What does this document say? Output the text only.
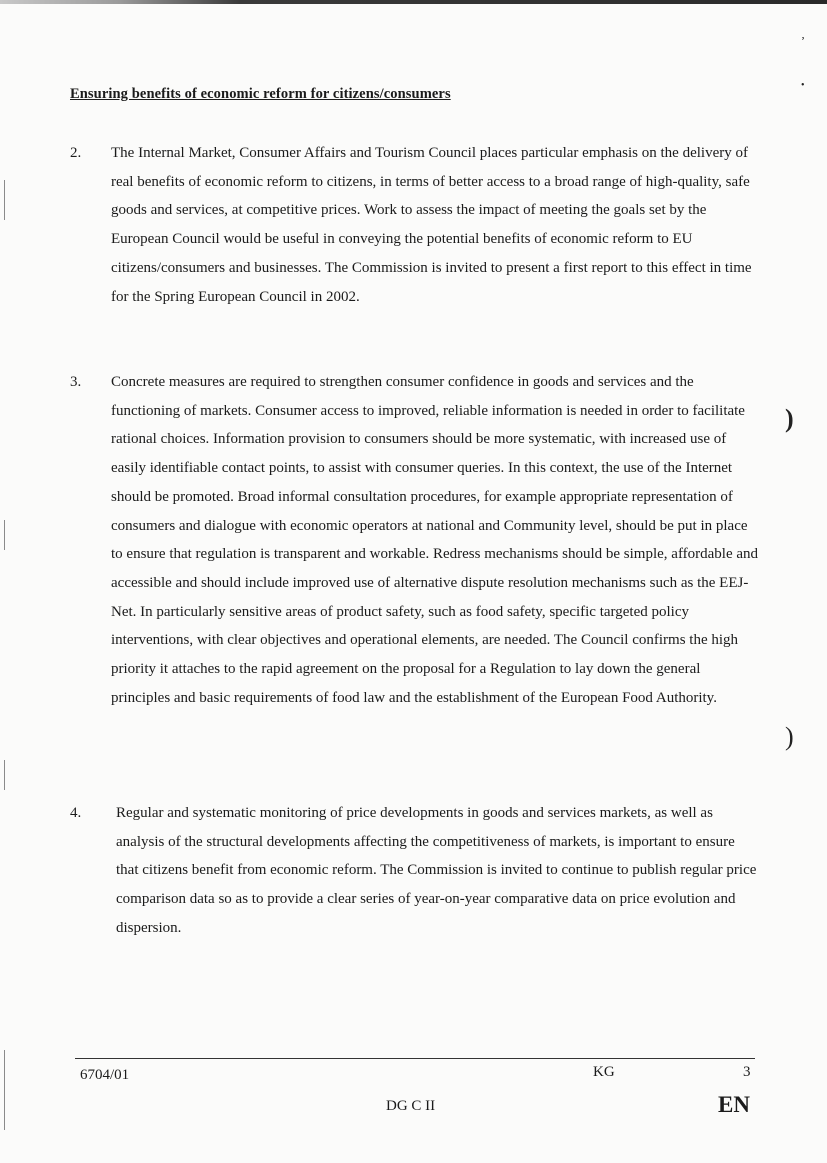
ʼ
•
)
)
Ensuring benefits of economic reform for citizens/consumers
2. The Internal Market, Consumer Affairs and Tourism Council places particular emphasis on the delivery of real benefits of economic reform to citizens, in terms of better access to a broad range of high-quality, safe goods and services, at competitive prices. Work to assess the impact of meeting the goals set by the European Council would be useful in conveying the potential benefits of economic reform to EU citizens/consumers and businesses. The Commission is invited to present a first report to this effect in time for the Spring European Council in 2002.
3. Concrete measures are required to strengthen consumer confidence in goods and services and the functioning of markets. Consumer access to improved, reliable information is needed in order to facilitate rational choices. Information provision to consumers should be more systematic, with increased use of easily identifiable contact points, to assist with consumer queries. In this context, the use of the Internet should be promoted. Broad informal consultation procedures, for example appropriate representation of consumers and dialogue with economic operators at national and Community level, should be put in place to ensure that regulation is transparent and workable. Redress mechanisms should be simple, affordable and accessible and should include improved use of alternative dispute resolution mechanisms such as the EEJ-Net. In particularly sensitive areas of product safety, such as food safety, specific targeted policy interventions, with clear objectives and operational elements, are needed. The Council confirms the high priority it attaches to the rapid agreement on the proposal for a Regulation to lay down the general principles and basic requirements of food law and the establishment of the European Food Authority.
4. Regular and systematic monitoring of price developments in goods and services markets, as well as analysis of the structural developments affecting the competitiveness of markets, is important to ensure that citizens benefit from economic reform. The Commission is invited to continue to publish regular price comparison data so as to provide a clear series of year-on-year comparative data on price evolution and dispersion.
6704/01	KG	3
DG C II	EN
